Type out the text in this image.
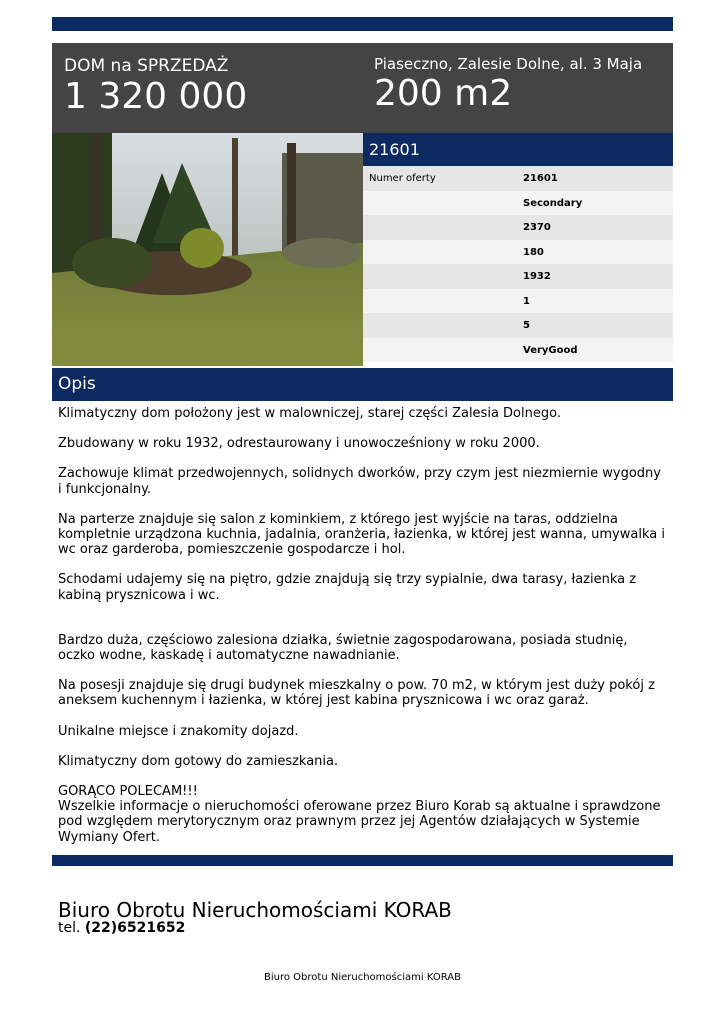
DOM na SPRZEDAŻ
1 320 000
Piaseczno, Zalesie Dolne, al. 3 Maja
200 m2
21601
Numer oferty	21601
Secondary
2370
180
1932
1
5
VeryGood
Opis

Klimatyczny dom położony jest w malowniczej, starej części Zalesia Dolnego.

Zbudowany w roku 1932, odrestaurowany i unowocześniony w roku 2000.

Zachowuje klimat przedwojennych, solidnych dworków, przy czym jest niezmiernie wygodny i funkcjonalny.

Na parterze znajduje się salon z kominkiem, z którego jest wyjście na taras, oddzielna kompletnie urządzona kuchnia, jadalnia, oranżeria, łazienka, w której jest wanna, umywalka i wc oraz garderoba, pomieszczenie gospodarcze i hol.

Schodami udajemy się na piętro, gdzie znajdują się trzy sypialnie, dwa tarasy, łazienka z kabiną prysznicowa i wc.

Bardzo duża, częściowo zalesiona działka, świetnie zagospodarowana, posiada studnię, oczko wodne, kaskadę i automatyczne nawadnianie.

Na posesji znajduje się drugi budynek mieszkalny o pow. 70 m2, w którym jest duży pokój z aneksem kuchennym i łazienka, w której jest kabina prysznicowa i wc oraz garaż.

Unikalne miejsce i znakomity dojazd.

Klimatyczny dom gotowy do zamieszkania.

GORĄCO POLECAM!!!

Wszelkie informacje o nieruchomości oferowane przez Biuro Korab są aktualne i sprawdzone pod względem merytorycznym oraz prawnym przez jej Agentów działających w Systemie Wymiany Ofert.

Biuro Obrotu Nieruchomościami KORAB
tel. (22)6521652
Biuro Obrotu Nieruchomościami KORAB
